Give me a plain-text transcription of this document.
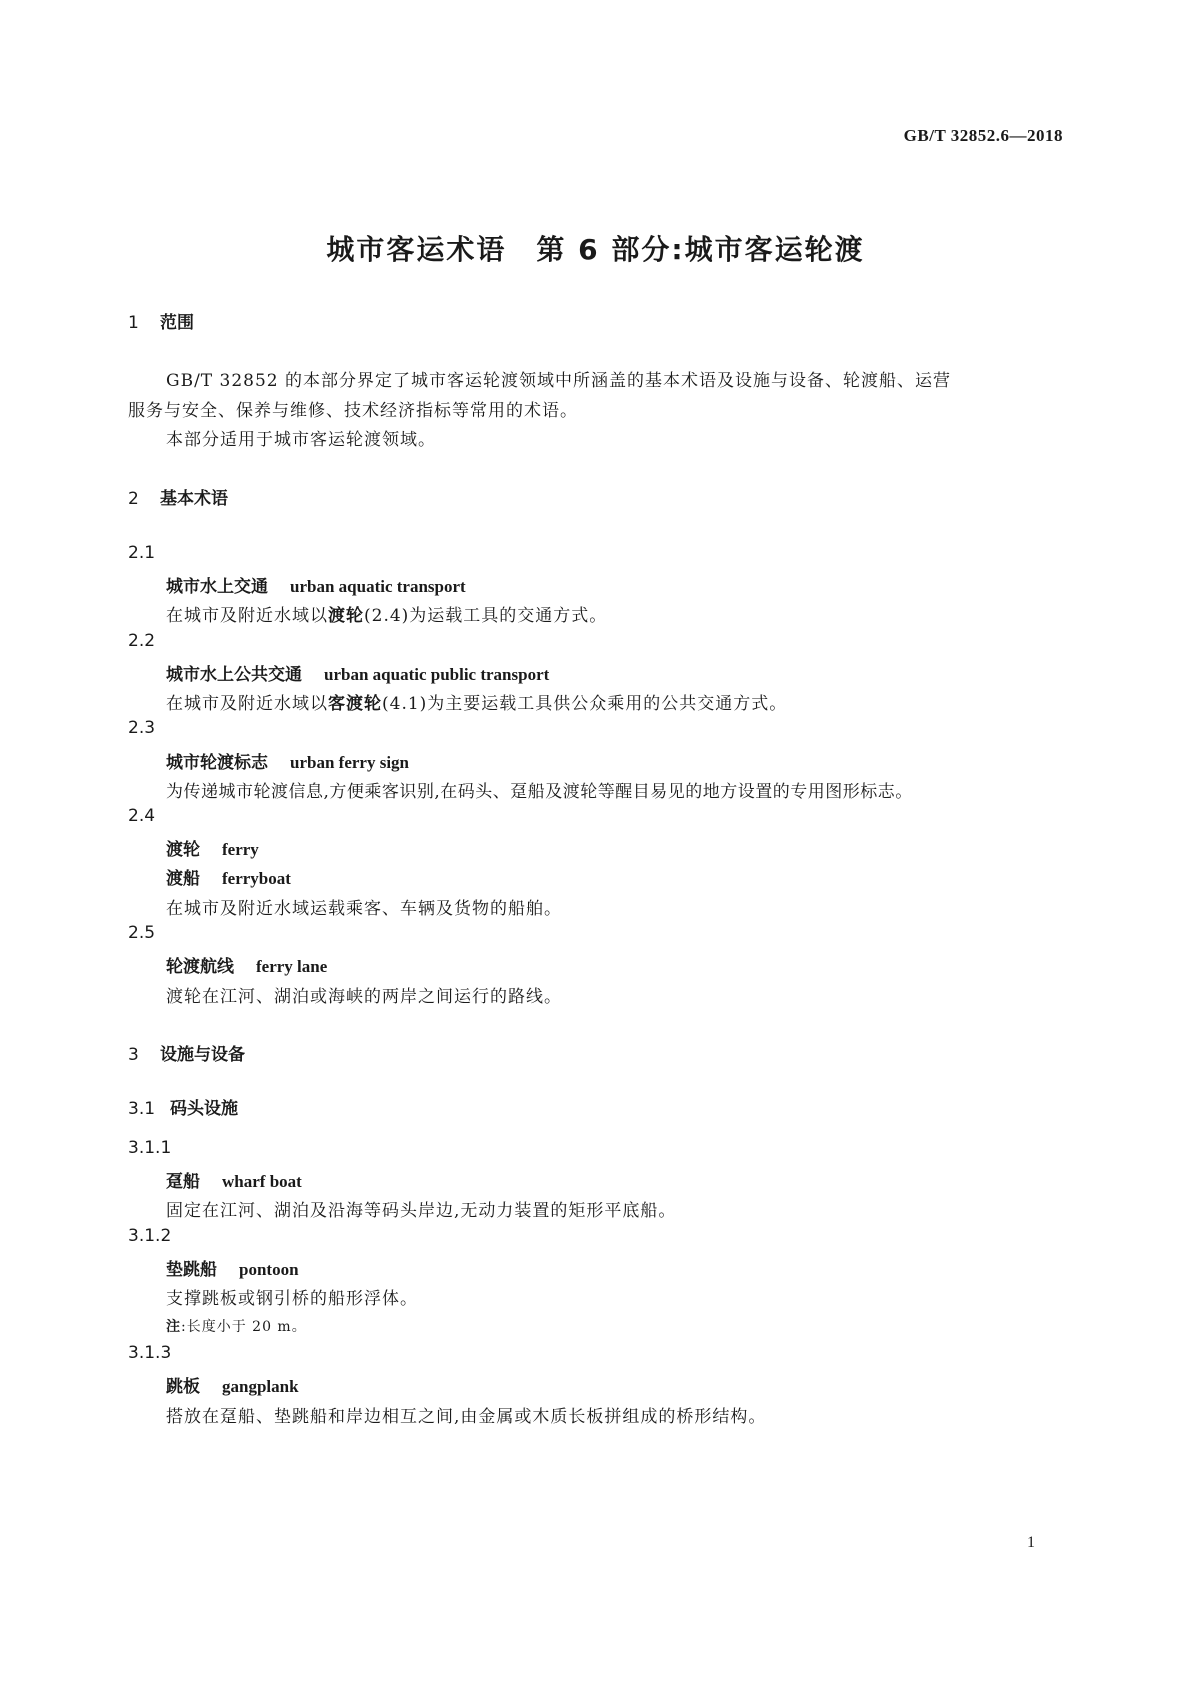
GB/T 32852.6—2018
城市客运术语　第 6 部分:城市客运轮渡
1 范围
GB/T 32852 的本部分界定了城市客运轮渡领域中所涵盖的基本术语及设施与设备、轮渡船、运营
服务与安全、保养与维修、技术经济指标等常用的术语。
本部分适用于城市客运轮渡领域。
2 基本术语
2.1
城市水上交通 urban aquatic transport
在城市及附近水域以渡轮(2.4)为运载工具的交通方式。
2.2
城市水上公共交通 urban aquatic public transport
在城市及附近水域以客渡轮(4.1)为主要运载工具供公众乘用的公共交通方式。
2.3
城市轮渡标志 urban ferry sign
为传递城市轮渡信息,方便乘客识别,在码头、趸船及渡轮等醒目易见的地方设置的专用图形标志。
2.4
渡轮 ferry
渡船 ferryboat
在城市及附近水域运载乘客、车辆及货物的船舶。
2.5
轮渡航线 ferry lane
渡轮在江河、湖泊或海峡的两岸之间运行的路线。
3 设施与设备
3.1 码头设施
3.1.1
趸船 wharf boat
固定在江河、湖泊及沿海等码头岸边,无动力装置的矩形平底船。
3.1.2
垫跳船 pontoon
支撑跳板或钢引桥的船形浮体。
注:长度小于 20 m。
3.1.3
跳板 gangplank
搭放在趸船、垫跳船和岸边相互之间,由金属或木质长板拼组成的桥形结构。
1
